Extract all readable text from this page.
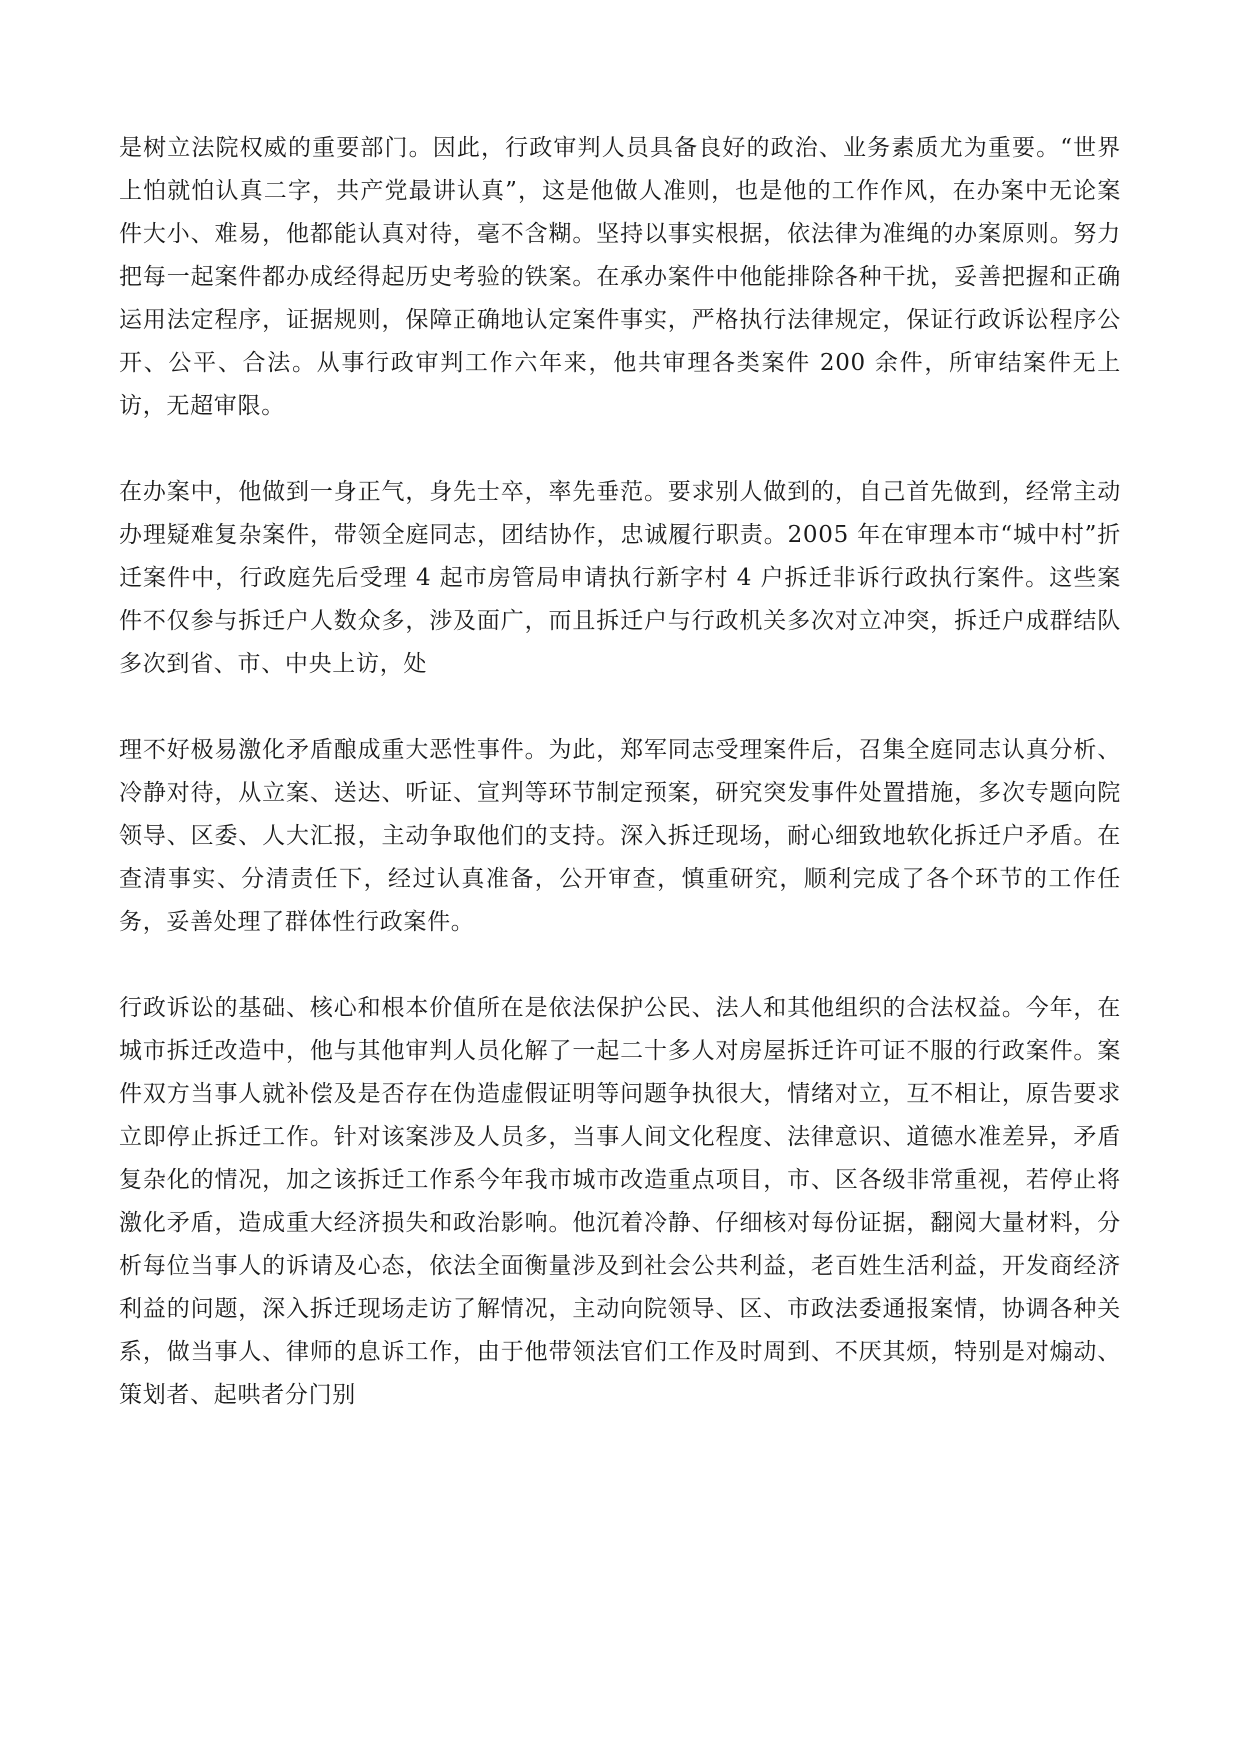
是树立法院权威的重要部门。因此，行政审判人员具备良好的政治、业务素质尤为重要。“世界上怕就怕认真二字，共产党最讲认真”，这是他做人准则，也是他的工作作风，在办案中无论案件大小、难易，他都能认真对待，毫不含糊。坚持以事实根据，依法律为准绳的办案原则。努力把每一起案件都办成经得起历史考验的铁案。在承办案件中他能排除各种干扰，妥善把握和正确运用法定程序，证据规则，保障正确地认定案件事实，严格执行法律规定，保证行政诉讼程序公开、公平、合法。从事行政审判工作六年来，他共审理各类案件 200 余件，所审结案件无上访，无超审限。

在办案中，他做到一身正气，身先士卒，率先垂范。要求别人做到的，自己首先做到，经常主动办理疑难复杂案件，带领全庭同志，团结协作，忠诚履行职责。2005 年在审理本市“城中村”折迁案件中，行政庭先后受理 4 起市房管局申请执行新字村 4 户拆迁非诉行政执行案件。这些案件不仅参与拆迁户人数众多，涉及面广，而且拆迁户与行政机关多次对立冲突，拆迁户成群结队多次到省、市、中央上访，处

理不好极易激化矛盾酿成重大恶性事件。为此，郑军同志受理案件后，召集全庭同志认真分析、冷静对待，从立案、送达、听证、宣判等环节制定预案，研究突发事件处置措施，多次专题向院领导、区委、人大汇报，主动争取他们的支持。深入拆迁现场，耐心细致地软化拆迁户矛盾。在查清事实、分清责任下，经过认真准备，公开审查，慎重研究，顺利完成了各个环节的工作任务，妥善处理了群体性行政案件。

行政诉讼的基础、核心和根本价值所在是依法保护公民、法人和其他组织的合法权益。今年，在城市拆迁改造中，他与其他审判人员化解了一起二十多人对房屋拆迁许可证不服的行政案件。案件双方当事人就补偿及是否存在伪造虚假证明等问题争执很大，情绪对立，互不相让，原告要求立即停止拆迁工作。针对该案涉及人员多，当事人间文化程度、法律意识、道德水准差异，矛盾复杂化的情况，加之该拆迁工作系今年我市城市改造重点项目，市、区各级非常重视，若停止将激化矛盾，造成重大经济损失和政治影响。他沉着冷静、仔细核对每份证据，翻阅大量材料，分析每位当事人的诉请及心态，依法全面衡量涉及到社会公共利益，老百姓生活利益，开发商经济利益的问题，深入拆迁现场走访了解情况，主动向院领导、区、市政法委通报案情，协调各种关系，做当事人、律师的息诉工作，由于他带领法官们工作及时周到、不厌其烦，特别是对煽动、策划者、起哄者分门别
